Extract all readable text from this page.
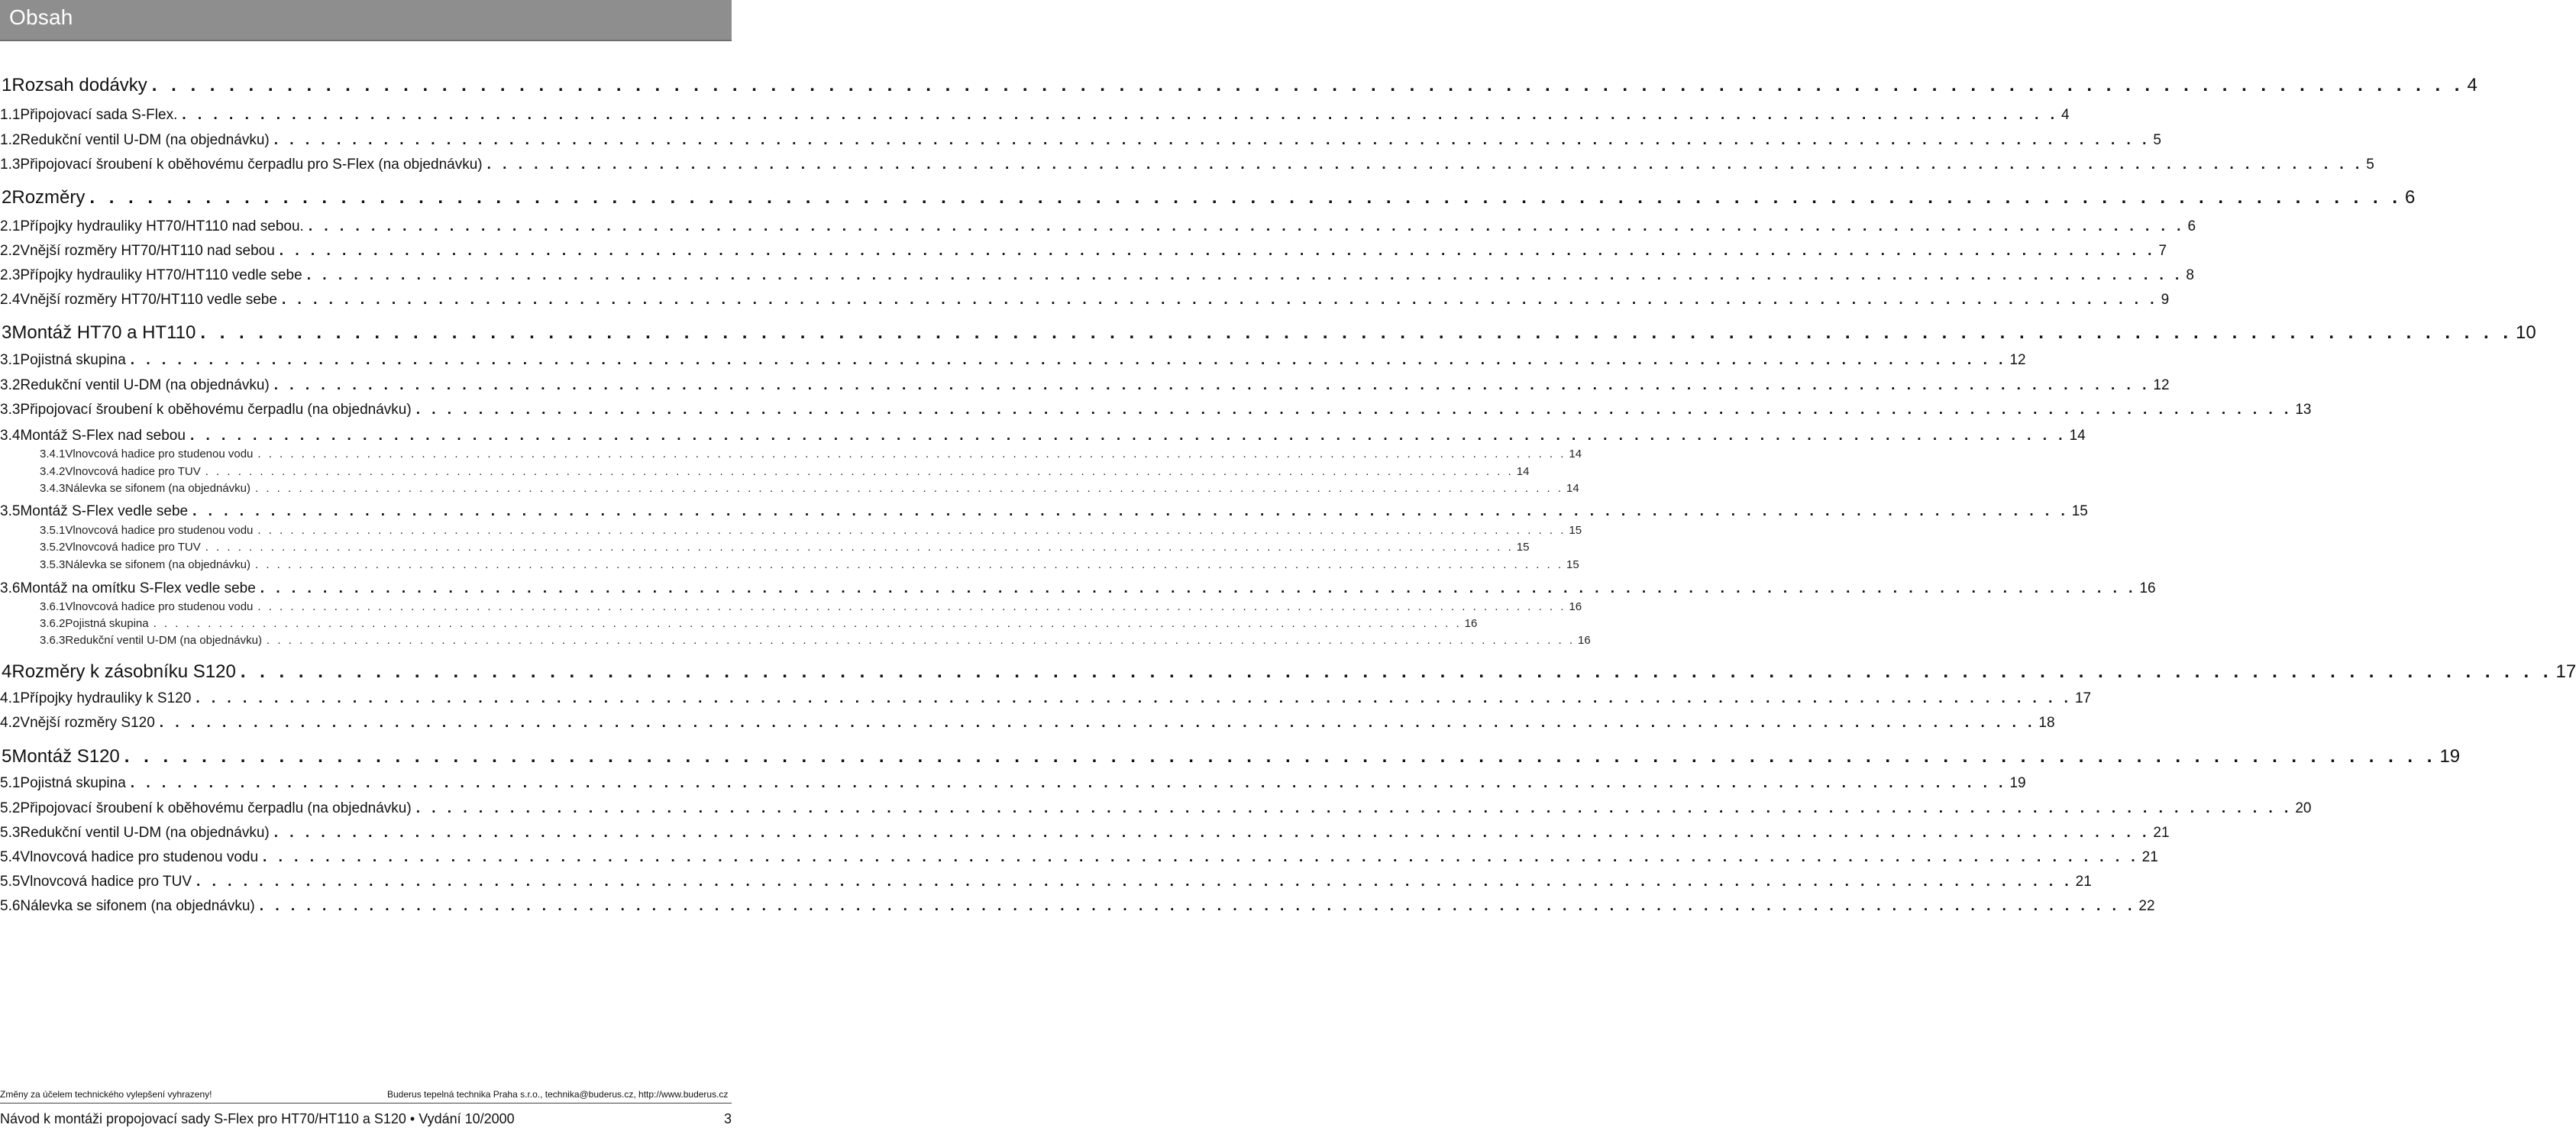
Obsah
1 Rozsah dodávky . . . . . . . . . . . . . . . . . . . . . . . . . . . . . . . . . . . . . . . . . . . . . . . . . . . . . . . . . . . . . . . . . . . . . . . . . . . . . . . . . . . . . . . . . . . . . . . . . . . . . . . . . . . . . . . . . . . . . . . . 4
1.1 Připojovací sada S-Flex. . . . . . . . . . . . . . . . . . . . . . . . . . . . . . . . . . . . . . . . . . . . . . . . . . . . . . . . . . . . . . . . . . . . . . . . . . . . . . . . . . . . . . . . . . . . . . . . . . . . . . . . . . . . . . . . . . . . . . . . . 4
1.2 Redukční ventil U-DM (na objednávku) . . . . . . . . . . . . . . . . . . . . . . . . . . . . . . . . . . . . . . . . . . . . . . . . . . . . . . . . . . . . . . . . . . . . . . . . . . . . . . . . . . . . . . . . . . . . . . . . . . . . . . . . . . . . . . . . . . . . . . . . 5
1.3 Připojovací šroubení k oběhovému čerpadlu pro S-Flex (na objednávku) . . . . . . . . . . . . . . . . . . . . . . . . . . . . . . . . . . . . . . . . . . . . . . . . . . . . . . . . . . . . . . . . . . . . . . . . . . . . . . . . . . . . . . . . . . . . . . . . . . . . . . . . . . . . . . . . . . . . . . . . 5
2 Rozměry . . . . . . . . . . . . . . . . . . . . . . . . . . . . . . . . . . . . . . . . . . . . . . . . . . . . . . . . . . . . . . . . . . . . . . . . . . . . . . . . . . . . . . . . . . . . . . . . . . . . . . . . . . . . . . . . . . . . . . . . 6
2.1 Přípojky hydrauliky HT70/HT110 nad sebou. . . . . . . . . . . . . . . . . . . . . . . . . . . . . . . . . . . . . . . . . . . . . . . . . . . . . . . . . . . . . . . . . . . . . . . . . . . . . . . . . . . . . . . . . . . . . . . . . . . . . . . . . . . . . . . . . . . . . . . . . 6
2.2 Vnější rozměry HT70/HT110 nad sebou . . . . . . . . . . . . . . . . . . . . . . . . . . . . . . . . . . . . . . . . . . . . . . . . . . . . . . . . . . . . . . . . . . . . . . . . . . . . . . . . . . . . . . . . . . . . . . . . . . . . . . . . . . . . . . . . . . . . . . . . 7
2.3 Přípojky hydrauliky HT70/HT110 vedle sebe . . . . . . . . . . . . . . . . . . . . . . . . . . . . . . . . . . . . . . . . . . . . . . . . . . . . . . . . . . . . . . . . . . . . . . . . . . . . . . . . . . . . . . . . . . . . . . . . . . . . . . . . . . . . . . . . . . . . . . . . 8
2.4 Vnější rozměry HT70/HT110 vedle sebe . . . . . . . . . . . . . . . . . . . . . . . . . . . . . . . . . . . . . . . . . . . . . . . . . . . . . . . . . . . . . . . . . . . . . . . . . . . . . . . . . . . . . . . . . . . . . . . . . . . . . . . . . . . . . . . . . . . . . . . . 9
3 Montáž HT70 a HT110 . . . . . . . . . . . . . . . . . . . . . . . . . . . . . . . . . . . . . . . . . . . . . . . . . . . . . . . . . . . . . . . . . . . . . . . . . . . . . . . . . . . . . . . . . . . . . . . . . . . . . . . . . . . . . . . . . . . . . . . . 10
3.1 Pojistná skupina . . . . . . . . . . . . . . . . . . . . . . . . . . . . . . . . . . . . . . . . . . . . . . . . . . . . . . . . . . . . . . . . . . . . . . . . . . . . . . . . . . . . . . . . . . . . . . . . . . . . . . . . . . . . . . . . . . . . . . . . 12
3.2 Redukční ventil U-DM (na objednávku) . . . . . . . . . . . . . . . . . . . . . . . . . . . . . . . . . . . . . . . . . . . . . . . . . . . . . . . . . . . . . . . . . . . . . . . . . . . . . . . . . . . . . . . . . . . . . . . . . . . . . . . . . . . . . . . . . . . . . . . . 12
3.3 Připojovací šroubení k oběhovému čerpadlu (na objednávku) . . . . . . . . . . . . . . . . . . . . . . . . . . . . . . . . . . . . . . . . . . . . . . . . . . . . . . . . . . . . . . . . . . . . . . . . . . . . . . . . . . . . . . . . . . . . . . . . . . . . . . . . . . . . . . . . . . . . . . . . 13
3.4 Montáž S-Flex nad sebou . . . . . . . . . . . . . . . . . . . . . . . . . . . . . . . . . . . . . . . . . . . . . . . . . . . . . . . . . . . . . . . . . . . . . . . . . . . . . . . . . . . . . . . . . . . . . . . . . . . . . . . . . . . . . . . . . . . . . . . . 14
3.4.1 Vlnovcová hadice pro studenou vodu . . . . . . . . . . . . . . . . . . . . . . . . . . . . . . . . . . . . . . . . . . . . . . . . . . . . . . . . . . . . . . . . . . . . . . . . . . . . . . . . . . . . . . . . . . . . . . . . . . . . . . . . . . . . . . . . . . . . . . . . 14
3.4.2 Vlnovcová hadice pro TUV . . . . . . . . . . . . . . . . . . . . . . . . . . . . . . . . . . . . . . . . . . . . . . . . . . . . . . . . . . . . . . . . . . . . . . . . . . . . . . . . . . . . . . . . . . . . . . . . . . . . . . . . . . . . . . . . . . . . . . . . 14
3.4.3 Nálevka se sifonem (na objednávku) . . . . . . . . . . . . . . . . . . . . . . . . . . . . . . . . . . . . . . . . . . . . . . . . . . . . . . . . . . . . . . . . . . . . . . . . . . . . . . . . . . . . . . . . . . . . . . . . . . . . . . . . . . . . . . . . . . . . . . . . 14
3.5 Montáž S-Flex vedle sebe . . . . . . . . . . . . . . . . . . . . . . . . . . . . . . . . . . . . . . . . . . . . . . . . . . . . . . . . . . . . . . . . . . . . . . . . . . . . . . . . . . . . . . . . . . . . . . . . . . . . . . . . . . . . . . . . . . . . . . . . 15
3.5.1 Vlnovcová hadice pro studenou vodu . . . . . . . . . . . . . . . . . . . . . . . . . . . . . . . . . . . . . . . . . . . . . . . . . . . . . . . . . . . . . . . . . . . . . . . . . . . . . . . . . . . . . . . . . . . . . . . . . . . . . . . . . . . . . . . . . . . . . . . . 15
3.5.2 Vlnovcová hadice pro TUV . . . . . . . . . . . . . . . . . . . . . . . . . . . . . . . . . . . . . . . . . . . . . . . . . . . . . . . . . . . . . . . . . . . . . . . . . . . . . . . . . . . . . . . . . . . . . . . . . . . . . . . . . . . . . . . . . . . . . . . . 15
3.5.3 Nálevka se sifonem (na objednávku) . . . . . . . . . . . . . . . . . . . . . . . . . . . . . . . . . . . . . . . . . . . . . . . . . . . . . . . . . . . . . . . . . . . . . . . . . . . . . . . . . . . . . . . . . . . . . . . . . . . . . . . . . . . . . . . . . . . . . . . . 15
3.6 Montáž na omítku S-Flex vedle sebe . . . . . . . . . . . . . . . . . . . . . . . . . . . . . . . . . . . . . . . . . . . . . . . . . . . . . . . . . . . . . . . . . . . . . . . . . . . . . . . . . . . . . . . . . . . . . . . . . . . . . . . . . . . . . . . . . . . . . . . . 16
3.6.1 Vlnovcová hadice pro studenou vodu . . . . . . . . . . . . . . . . . . . . . . . . . . . . . . . . . . . . . . . . . . . . . . . . . . . . . . . . . . . . . . . . . . . . . . . . . . . . . . . . . . . . . . . . . . . . . . . . . . . . . . . . . . . . . . . . . . . . . . . . 16
3.6.2 Pojistná skupina . . . . . . . . . . . . . . . . . . . . . . . . . . . . . . . . . . . . . . . . . . . . . . . . . . . . . . . . . . . . . . . . . . . . . . . . . . . . . . . . . . . . . . . . . . . . . . . . . . . . . . . . . . . . . . . . . . . . . . . . 16
3.6.3 Redukční ventil U-DM (na objednávku) . . . . . . . . . . . . . . . . . . . . . . . . . . . . . . . . . . . . . . . . . . . . . . . . . . . . . . . . . . . . . . . . . . . . . . . . . . . . . . . . . . . . . . . . . . . . . . . . . . . . . . . . . . . . . . . . . . . . . . . . 16
4 Rozměry k zásobníku S120 . . . . . . . . . . . . . . . . . . . . . . . . . . . . . . . . . . . . . . . . . . . . . . . . . . . . . . . . . . . . . . . . . . . . . . . . . . . . . . . . . . . . . . . . . . . . . . . . . . . . . . . . . . . . . . . . . . . . . . . . 17
4.1 Přípojky hydrauliky k S120 . . . . . . . . . . . . . . . . . . . . . . . . . . . . . . . . . . . . . . . . . . . . . . . . . . . . . . . . . . . . . . . . . . . . . . . . . . . . . . . . . . . . . . . . . . . . . . . . . . . . . . . . . . . . . . . . . . . . . . . . 17
4.2 Vnější rozměry S120 . . . . . . . . . . . . . . . . . . . . . . . . . . . . . . . . . . . . . . . . . . . . . . . . . . . . . . . . . . . . . . . . . . . . . . . . . . . . . . . . . . . . . . . . . . . . . . . . . . . . . . . . . . . . . . . . . . . . . . . . 18
5 Montáž S120 . . . . . . . . . . . . . . . . . . . . . . . . . . . . . . . . . . . . . . . . . . . . . . . . . . . . . . . . . . . . . . . . . . . . . . . . . . . . . . . . . . . . . . . . . . . . . . . . . . . . . . . . . . . . . . . . . . . . . . . . 19
5.1 Pojistná skupina . . . . . . . . . . . . . . . . . . . . . . . . . . . . . . . . . . . . . . . . . . . . . . . . . . . . . . . . . . . . . . . . . . . . . . . . . . . . . . . . . . . . . . . . . . . . . . . . . . . . . . . . . . . . . . . . . . . . . . . . 19
5.2 Připojovací šroubení k oběhovému čerpadlu (na objednávku) . . . . . . . . . . . . . . . . . . . . . . . . . . . . . . . . . . . . . . . . . . . . . . . . . . . . . . . . . . . . . . . . . . . . . . . . . . . . . . . . . . . . . . . . . . . . . . . . . . . . . . . . . . . . . . . . . . . . . . . . 20
5.3 Redukční ventil U-DM (na objednávku) . . . . . . . . . . . . . . . . . . . . . . . . . . . . . . . . . . . . . . . . . . . . . . . . . . . . . . . . . . . . . . . . . . . . . . . . . . . . . . . . . . . . . . . . . . . . . . . . . . . . . . . . . . . . . . . . . . . . . . . . 21
5.4 Vlnovcová hadice pro studenou vodu . . . . . . . . . . . . . . . . . . . . . . . . . . . . . . . . . . . . . . . . . . . . . . . . . . . . . . . . . . . . . . . . . . . . . . . . . . . . . . . . . . . . . . . . . . . . . . . . . . . . . . . . . . . . . . . . . . . . . . . . 21
5.5 Vlnovcová hadice pro TUV . . . . . . . . . . . . . . . . . . . . . . . . . . . . . . . . . . . . . . . . . . . . . . . . . . . . . . . . . . . . . . . . . . . . . . . . . . . . . . . . . . . . . . . . . . . . . . . . . . . . . . . . . . . . . . . . . . . . . . . . 21
5.6 Nálevka se sifonem (na objednávku) . . . . . . . . . . . . . . . . . . . . . . . . . . . . . . . . . . . . . . . . . . . . . . . . . . . . . . . . . . . . . . . . . . . . . . . . . . . . . . . . . . . . . . . . . . . . . . . . . . . . . . . . . . . . . . . . . . . . . . . . 22
Změny za účelem technického vylepšení vyhrazeny!	Buderus tepelná technika Praha s.r.o., technika@buderus.cz, http://www.buderus.cz
Návod k montáži propojovací sady S-Flex pro HT70/HT110 a S120 • Vydání 10/2000	3
